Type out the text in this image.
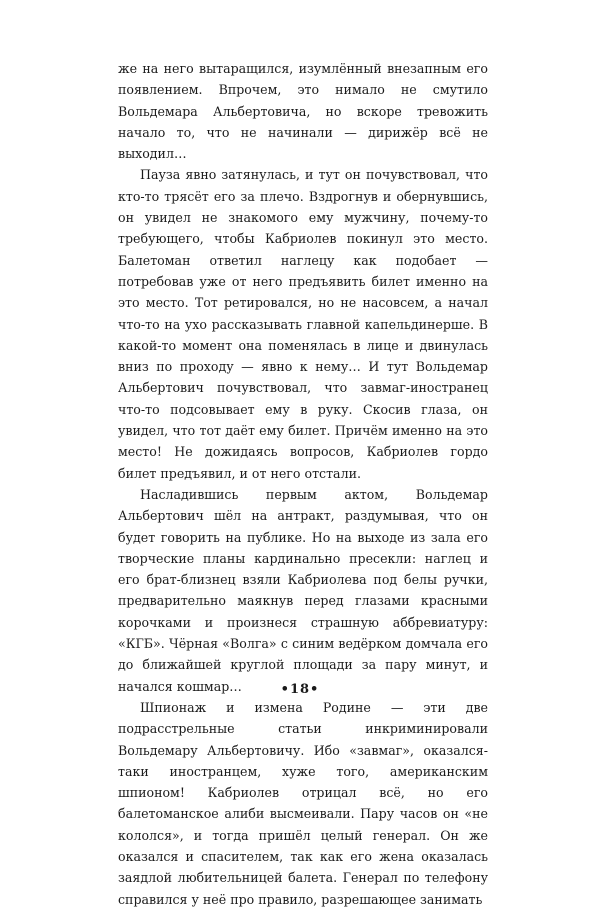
же на него вытаращился, изумлённый внезапным его появлением. Впрочем, это нимало не смутило Вольдемара Альбертовича, но вскоре тревожить начало то, что не начинали — дирижёр всё не выходил…

Пауза явно затянулась, и тут он почувствовал, что кто-то трясёт его за плечо. Вздрогнув и обернувшись, он увидел не знакомого ему мужчину, почему-то требующего, чтобы Кабриолев покинул это место. Балетоман ответил наглецу как подобает — потребовав уже от него предъявить билет именно на это место. Тот ретировался, но не насовсем, а начал что-то на ухо рассказывать главной капельдинерше. В какой-то момент она поменялась в лице и двинулась вниз по проходу — явно к нему… И тут Вольдемар Альбертович почувствовал, что завмаг-иностранец что-то подсовывает ему в руку. Скосив глаза, он увидел, что тот даёт ему билет. Причём именно на это место! Не дожидаясь вопросов, Кабриолев гордо билет предъявил, и от него отстали.

Насладившись первым актом, Вольдемар Альбертович шёл на антракт, раздумывая, что он будет говорить на публике. Но на выходе из зала его творческие планы кардинально пресекли: наглец и его брат-близнец взяли Кабриолева под белы ручки, предварительно маякнув перед глазами красными корочками и произнеся страшную аббревиатуру: «КГБ». Чёрная «Волга» с синим ведёрком домчала его до ближайшей круглой площади за пару минут, и начался кошмар…

Шпионаж и измена Родине — эти две подрасстрельные статьи инкриминировали Вольдемару Альбертовичу. Ибо «завмаг», оказался-таки иностранцем, хуже того, американским шпионом! Кабриолев отрицал всё, но его балетоманское алиби высмеивали. Пару часов он «не кололся», и тогда пришёл целый генерал. Он же оказался и спасителем, так как его жена оказалась заядлой любительницей балета. Генерал по телефону справился у неё про правило, разрешающее занимать

•18•
